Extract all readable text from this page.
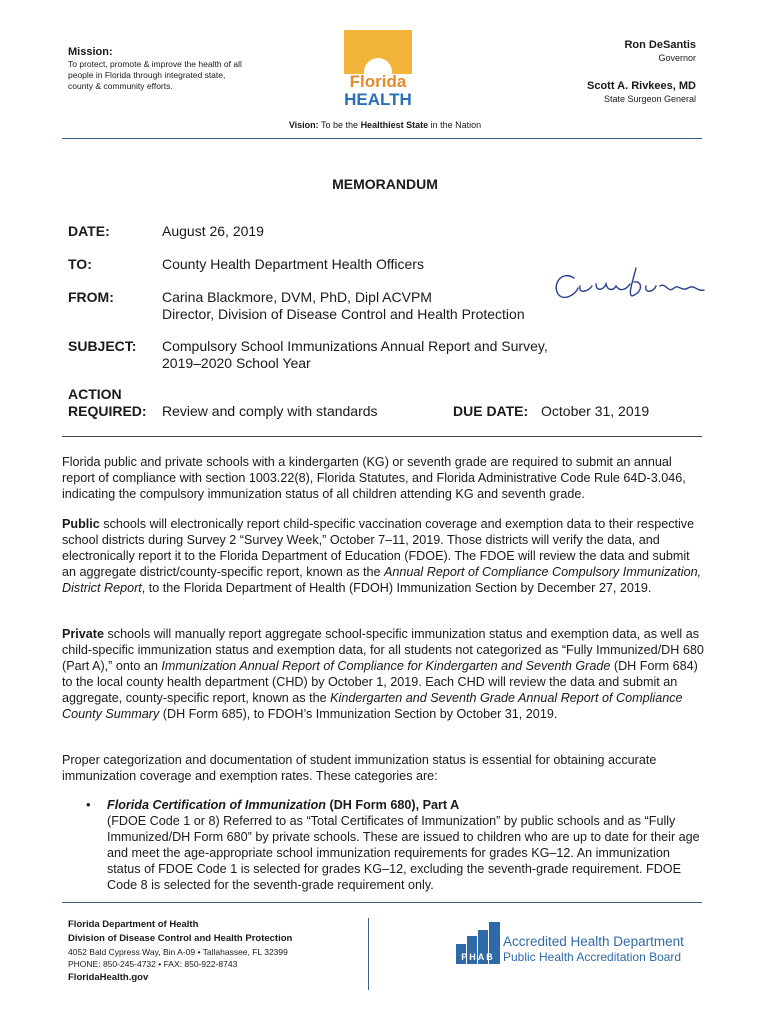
Mission:
To protect, promote & improve the health of all people in Florida through integrated state, county & community efforts.	Florida
HEALTH
Ron DeSantis
Governor
Scott A. Rivkees, MD
State Surgeon General
Vision: To be the Healthiest State in the Nation
MEMORANDUM
DATE:	August 26, 2019
TO:	County Health Department Health Officers
FROM:	Carina Blackmore, DVM, PhD, Dipl ACVPM
Director, Division of Disease Control and Health Protection
SUBJECT: Compulsory School Immunizations Annual Report and Survey,
2019–2020 School Year
ACTION
REQUIRED: Review and comply with standards	DUE DATE: October 31, 2019
Florida public and private schools with a kindergarten (KG) or seventh grade are required to submit an annual report of compliance with section 1003.22(8), Florida Statutes, and Florida Administrative Code Rule 64D-3.046, indicating the compulsory immunization status of all children attending KG and seventh grade.
Public schools will electronically report child-specific vaccination coverage and exemption data to their respective school districts during Survey 2 “Survey Week,” October 7–11, 2019. Those districts will verify the data, and electronically report it to the Florida Department of Education (FDOE). The FDOE will review the data and submit an aggregate district/county-specific report, known as the Annual Report of Compliance Compulsory Immunization, District Report, to the Florida Department of Health (FDOH) Immunization Section by December 27, 2019.
Private schools will manually report aggregate school-specific immunization status and exemption data, as well as child-specific immunization status and exemption data, for all students not categorized as “Fully Immunized/DH 680 (Part A),” onto an Immunization Annual Report of Compliance for Kindergarten and Seventh Grade (DH Form 684) to the local county health department (CHD) by October 1, 2019. Each CHD will review the data and submit an aggregate, county-specific report, known as the Kindergarten and Seventh Grade Annual Report of Compliance County Summary (DH Form 685), to FDOH’s Immunization Section by October 31, 2019.
Proper categorization and documentation of student immunization status is essential for obtaining accurate immunization coverage and exemption rates. These categories are:
• Florida Certification of Immunization (DH Form 680), Part A
(FDOE Code 1 or 8) Referred to as “Total Certificates of Immunization” by public schools and as “Fully Immunized/DH Form 680” by private schools. These are issued to children who are up to date for their age and meet the age-appropriate school immunization requirements for grades KG–12. An immunization status of FDOE Code 1 is selected for grades KG–12, excluding the seventh-grade requirement. FDOE Code 8 is selected for the seventh-grade requirement only.
Florida Department of Health
Division of Disease Control and Health Protection
4052 Bald Cypress Way, Bin A-09 • Tallahassee, FL 32399
PHONE: 850-245-4732 • FAX: 850-922-8743
FloridaHealth.gov
PHAB
Accredited Health Department
Public Health Accreditation Board
